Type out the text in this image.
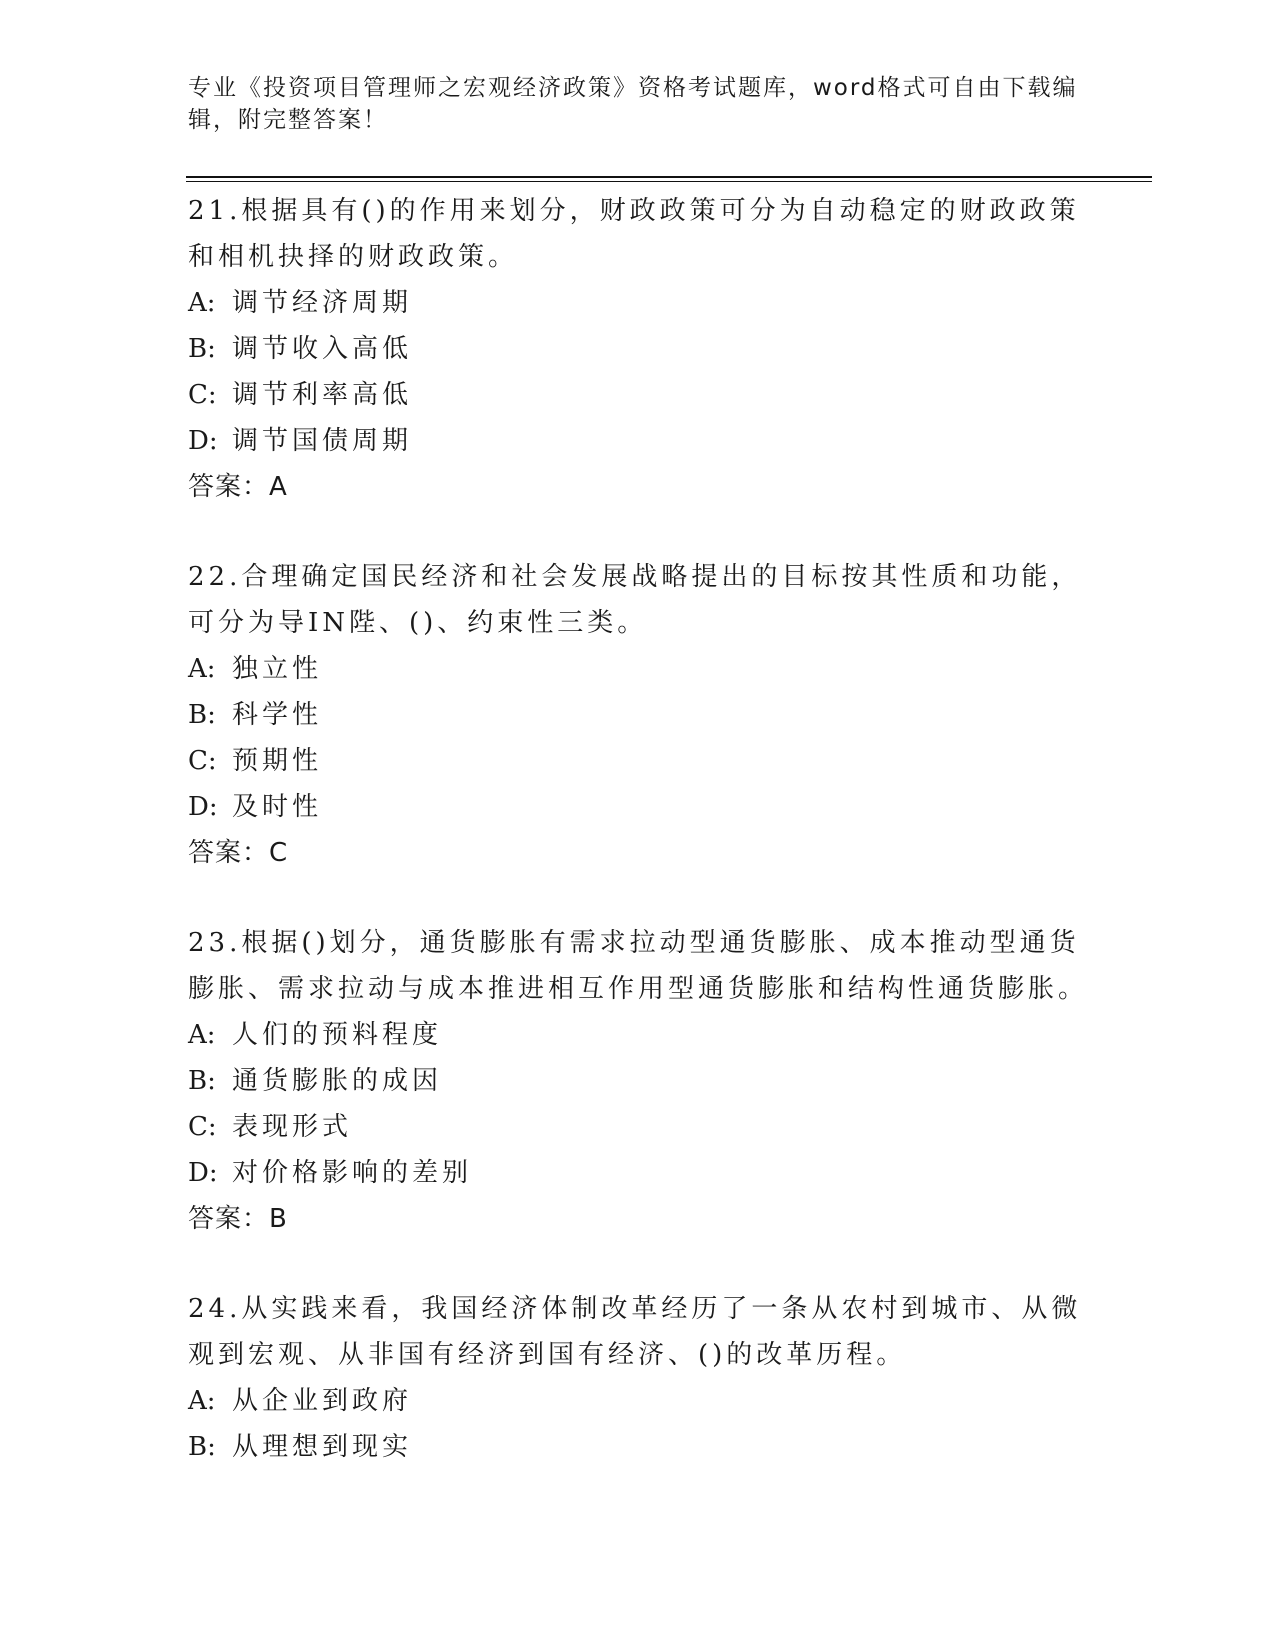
专业《投资项目管理师之宏观经济政策》资格考试题库，word格式可自由下载编辑，附完整答案！
21.根据具有()的作用来划分，财政政策可分为自动稳定的财政政策和相机抉择的财政政策。
A: 调节经济周期
B: 调节收入高低
C: 调节利率高低
D: 调节国债周期
答案：A
22.合理确定国民经济和社会发展战略提出的目标按其性质和功能，可分为导IN陛、()、约束性三类。
A: 独立性
B: 科学性
C: 预期性
D: 及时性
答案：C
23.根据()划分，通货膨胀有需求拉动型通货膨胀、成本推动型通货膨胀、需求拉动与成本推进相互作用型通货膨胀和结构性通货膨胀。
A: 人们的预料程度
B: 通货膨胀的成因
C: 表现形式
D: 对价格影响的差别
答案：B
24.从实践来看，我国经济体制改革经历了一条从农村到城市、从微观到宏观、从非国有经济到国有经济、()的改革历程。
A: 从企业到政府
B: 从理想到现实
